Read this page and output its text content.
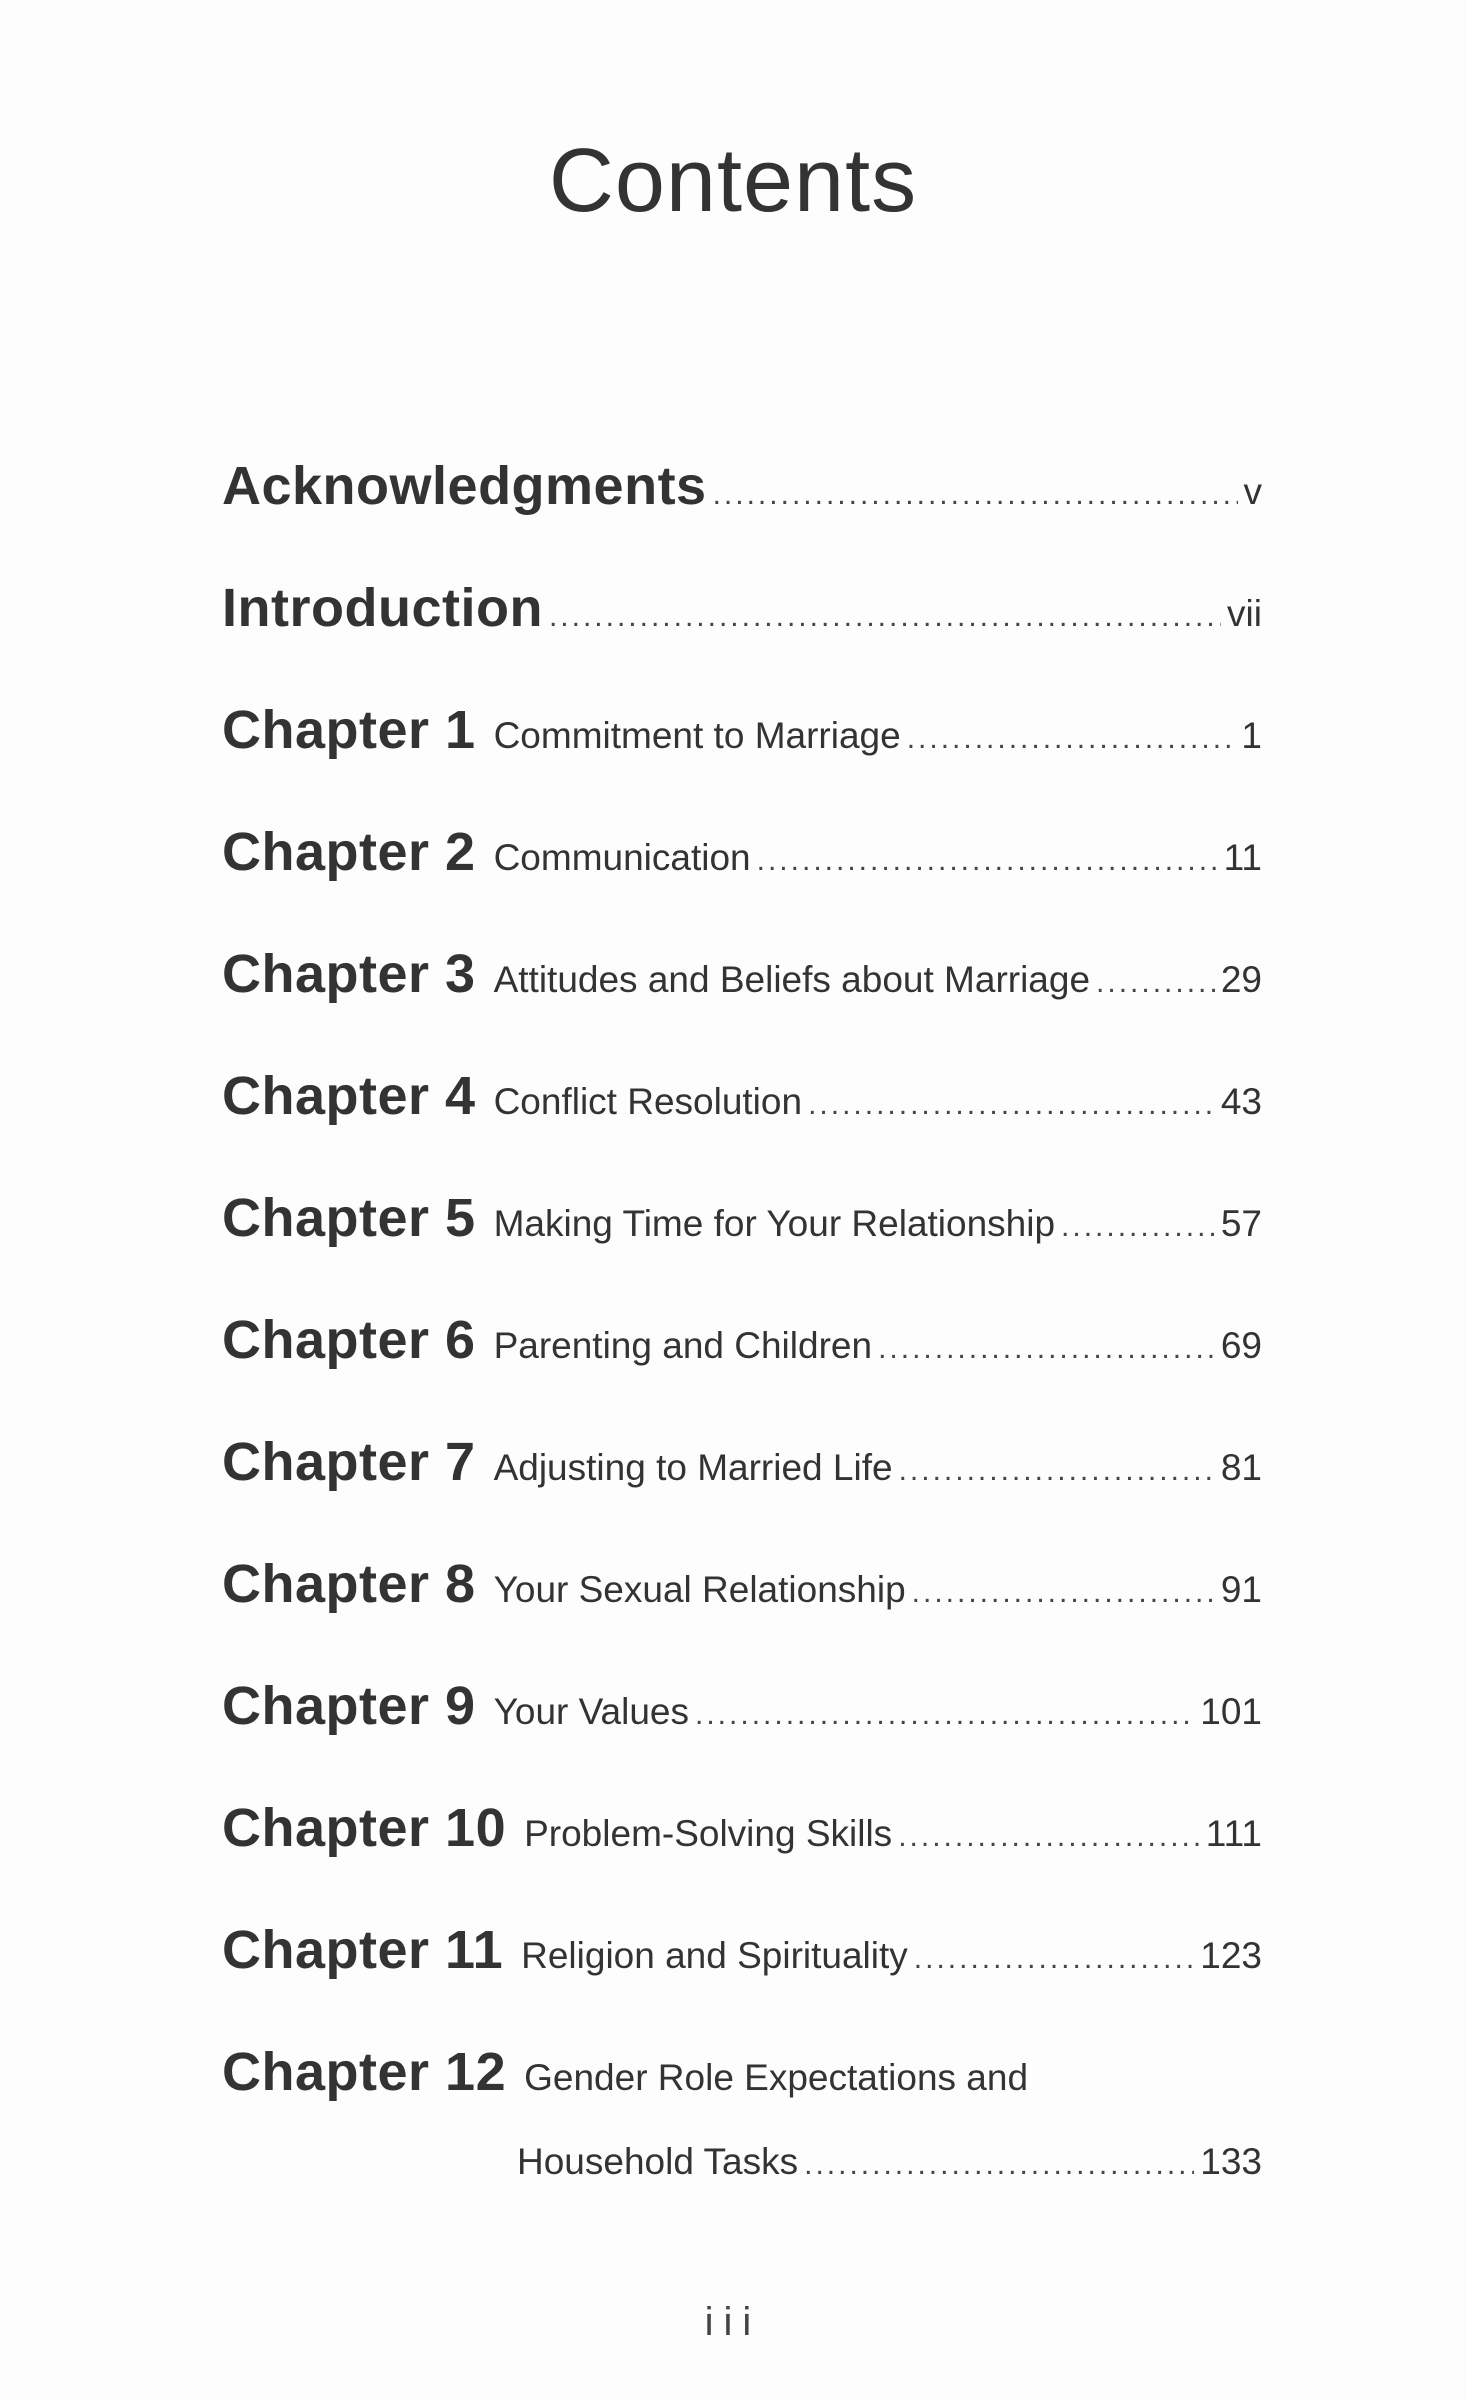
Contents
Acknowledgments .....	v
Introduction .....	vii
Chapter 1 Commitment to Marriage .....	1
Chapter 2 Communication .....	11
Chapter 3 Attitudes and Beliefs about Marriage .....	29
Chapter 4 Conflict Resolution .....	43
Chapter 5 Making Time for Your Relationship .....	57
Chapter 6 Parenting and Children .....	69
Chapter 7 Adjusting to Married Life .....	81
Chapter 8 Your Sexual Relationship .....	91
Chapter 9 Your Values .....	101
Chapter 10 Problem-Solving Skills .....	111
Chapter 11 Religion and Spirituality .....	123
Chapter 12 Gender Role Expectations and
Household Tasks .....	133
iii
